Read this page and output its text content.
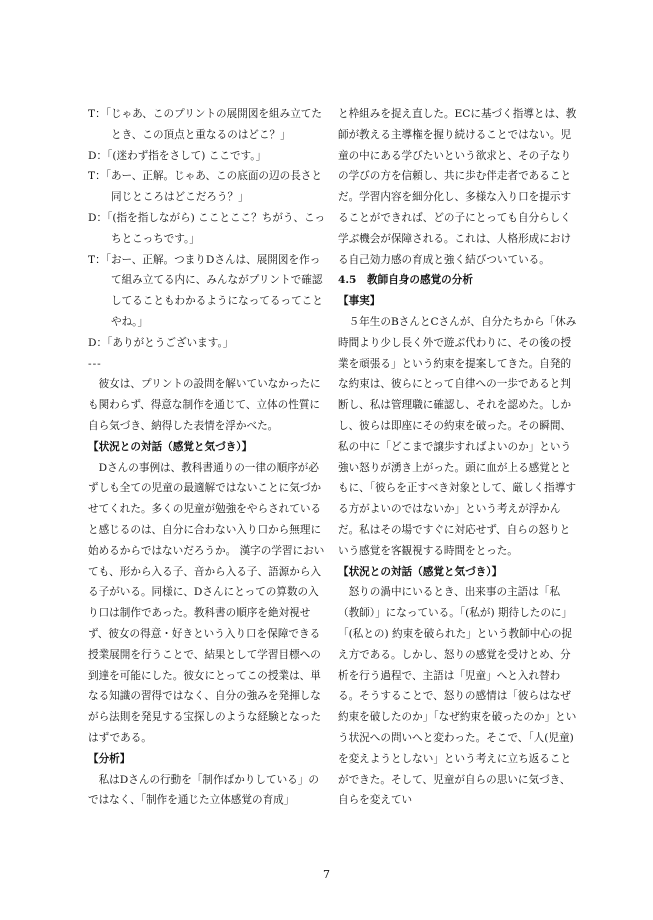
T：「じゃあ、このプリントの展開図を組み立てたとき、この頂点と重なるのはどこ？」

D：「(迷わず指をさして) ここです。」

T：「あー、正解。じゃあ、この底面の辺の長さと同じところはどこだろう？」

D：「(指を指しながら) こことここ？ちがう、こっちとこっちです。」

T：「おー、正解。つまりDさんは、展開図を作って組み立てる内に、みんながプリントで確認してることもわかるようになってるってことやね。」

D：「ありがとうございます。」

---

彼女は、プリントの設問を解いていなかったにも関わらず、得意な制作を通じて、立体の性質に自ら気づき、納得した表情を浮かべた。

【状況との対話（感覚と気づき）】

Dさんの事例は、教科書通りの一律の順序が必ずしも全ての児童の最適解ではないことに気づかせてくれた。多くの児童が勉強をやらされていると感じるのは、自分に合わない入り口から無理に始めるからではないだろうか。 漢字の学習においても、形から入る子、音から入る子、語源から入る子がいる。同様に、Dさんにとっての算数の入り口は制作であった。教科書の順序を絶対視せず、彼女の得意・好きという入り口を保障できる授業展開を行うことで、結果として学習目標への到達を可能にした。彼女にとってこの授業は、単なる知識の習得ではなく、自分の強みを発揮しながら法則を発見する宝探しのような経験となったはずである。

【分析】

私はDさんの行動を「制作ばかりしている」のではなく、「制作を通じた立体感覚の育成」

と枠組みを捉え直した。ECに基づく指導とは、教師が教える主導権を握り続けることではない。児童の中にある学びたいという欲求と、その子なりの学びの方を信頼し、共に歩む伴走者であることだ。学習内容を細分化し、多様な入り口を提示することができれば、どの子にとっても自分らしく学ぶ機会が保障される。これは、人格形成における自己効力感の育成と強く結びついている。

4.5　教師自身の感覚の分析

【事実】

５年生のBさんとCさんが、自分たちから「休み時間より少し長く外で遊ぶ代わりに、その後の授業を頑張る」という約束を提案してきた。自発的な約束は、彼らにとって自律への一歩であると判断し、私は管理職に確認し、それを認めた。しかし、彼らは即座にその約束を破った。その瞬間、私の中に「どこまで譲歩すればよいのか」という強い怒りが湧き上がった。頭に血が上る感覚とともに、「彼らを正すべき対象として、厳しく指導する方がよいのではないか」という考えが浮かんだ。私はその場ですぐに対応せず、自らの怒りという感覚を客観視する時間をとった。

【状況との対話（感覚と気づき）】

怒りの渦中にいるとき、出来事の主語は「私（教師）」になっている。「(私が) 期待したのに」「(私との) 約束を破られた」という教師中心の捉え方である。しかし、怒りの感覚を受けとめ、分析を行う過程で、主語は「児童」へと入れ替わる。そうすることで、怒りの感情は「彼らはなぜ約束を破したのか」「なぜ約束を破ったのか」という状況への問いへと変わった。そこで、「人(児童)を変えようとしない」という考えに立ち返ることができた。そして、児童が自らの思いに気づき、自らを変えてい

7
